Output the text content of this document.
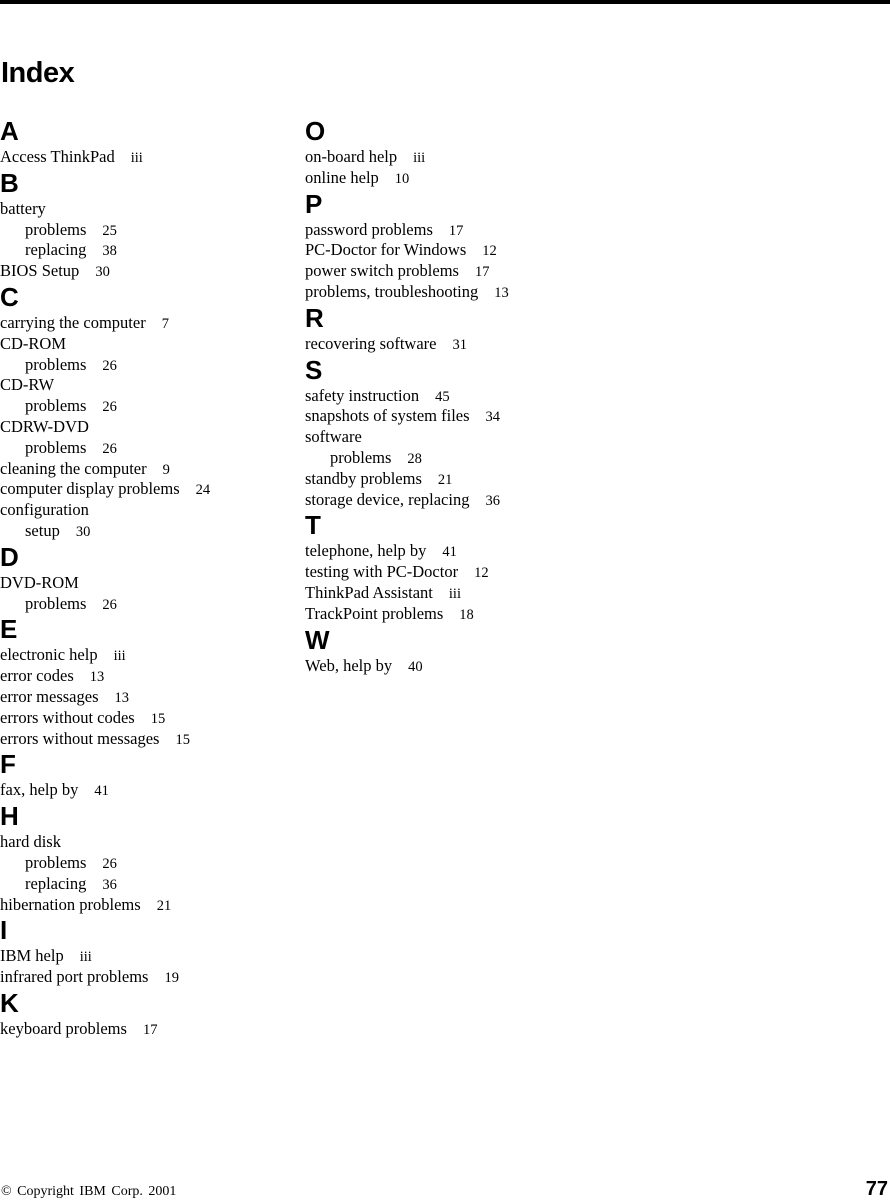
Index
A
Access ThinkPad iii
B
battery
problems 25
replacing 38
BIOS Setup 30
C
carrying the computer 7
CD-ROM
problems 26
CD-RW
problems 26
CDRW-DVD
problems 26
cleaning the computer 9
computer display problems 24
configuration
setup 30
D
DVD-ROM
problems 26
E
electronic help iii
error codes 13
error messages 13
errors without codes 15
errors without messages 15
F
fax, help by 41
H
hard disk
problems 26
replacing 36
hibernation problems 21
I
IBM help iii
infrared port problems 19
K
keyboard problems 17
O
on-board help iii
online help 10
P
password problems 17
PC-Doctor for Windows 12
power switch problems 17
problems, troubleshooting 13
R
recovering software 31
S
safety instruction 45
snapshots of system files 34
software
problems 28
standby problems 21
storage device, replacing 36
T
telephone, help by 41
testing with PC-Doctor 12
ThinkPad Assistant iii
TrackPoint problems 18
W
Web, help by 40
© Copyright IBM Corp. 2001	77
